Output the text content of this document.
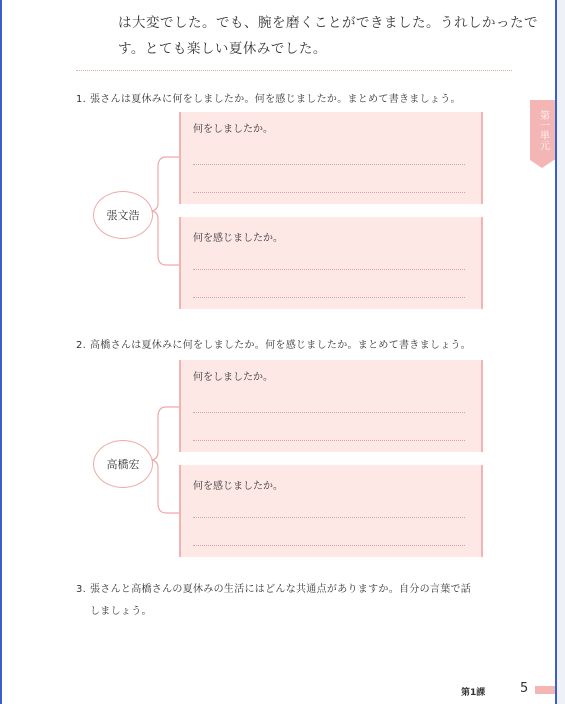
は大変でした。でも、腕を磨くことができました。うれしかったで
す。とても楽しい夏休みでした。
第一単元
1. 張さんは夏休みに何をしましたか。何を感じましたか。まとめて書きましょう。
張文浩
何をしましたか。
何を感じましたか。
2. 高橋さんは夏休みに何をしましたか。何を感じましたか。まとめて書きましょう。
高橋宏
何をしましたか。
何を感じましたか。
3. 張さんと高橋さんの夏休みの生活にはどんな共通点がありますか。自分の言葉で話
しましょう。
第1課	5
